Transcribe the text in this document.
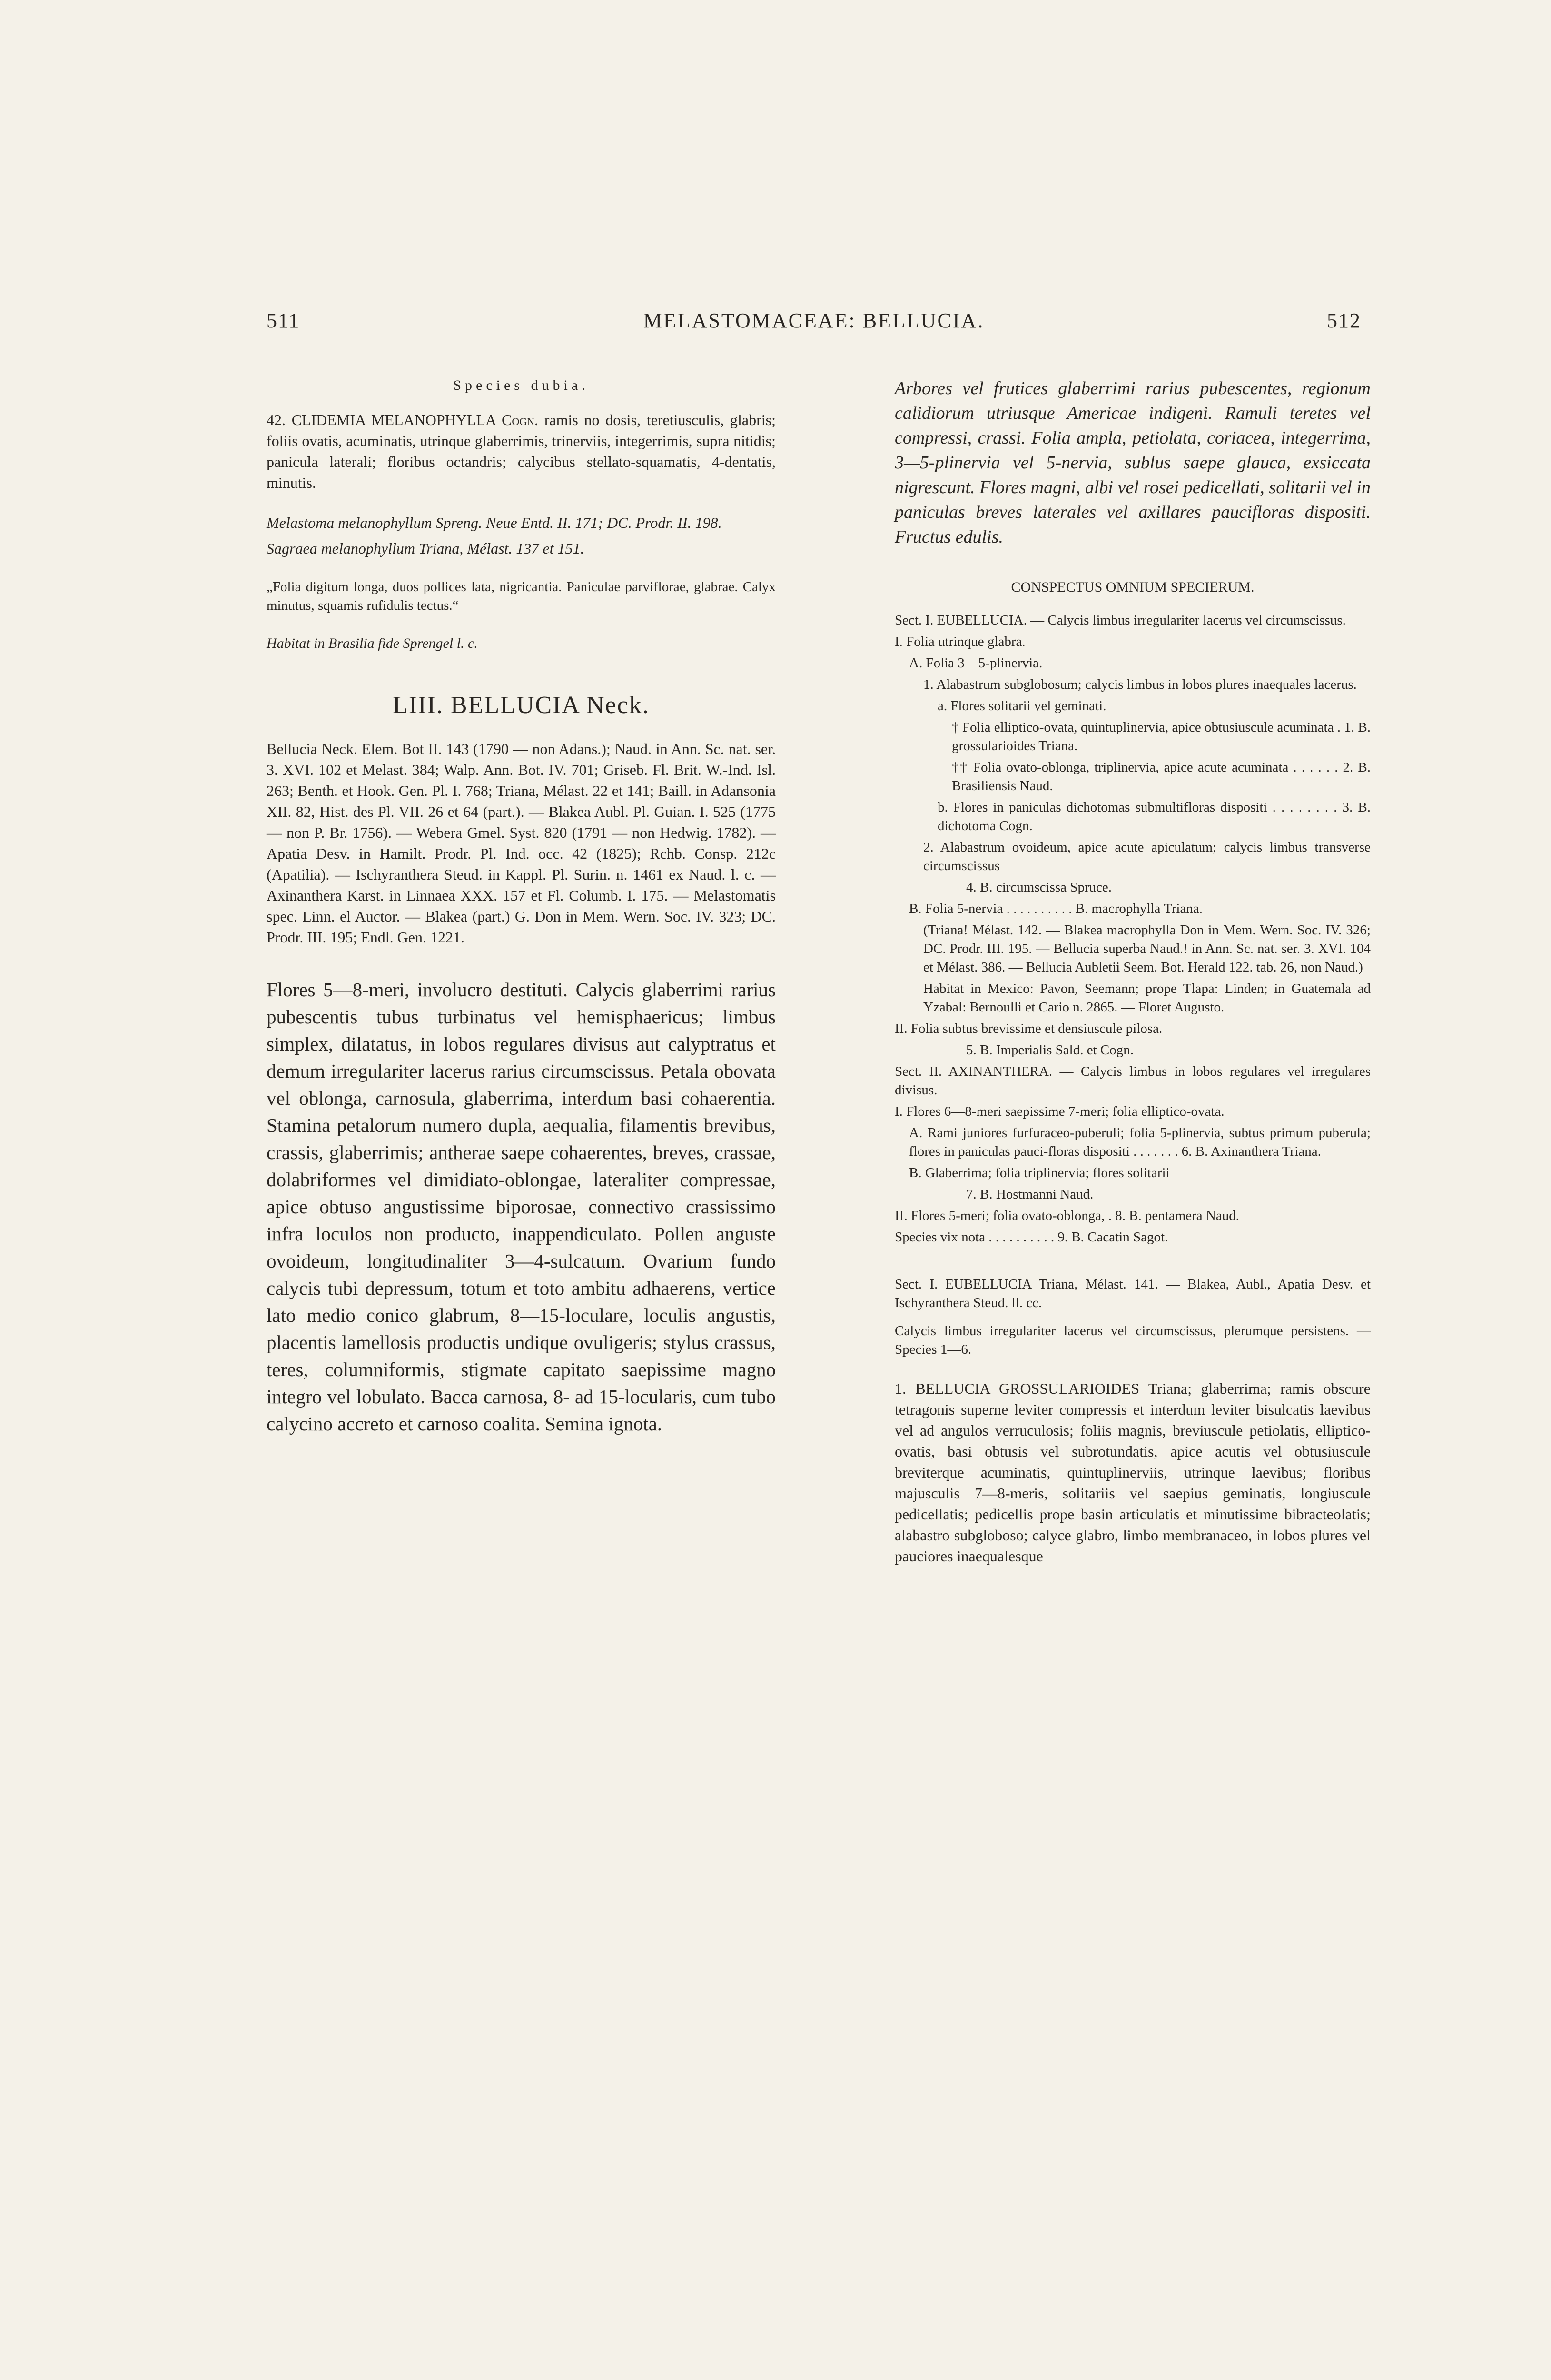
511	MELASTOMACEAE: BELLUCIA.	512

Species dubia.

42. CLIDEMIA MELANOPHYLLA Cogn. ramis no dosis, teretiusculis, glabris; foliis ovatis, acuminatis, utrinque glaberrimis, trinerviis, integerrimis, supra nitidis; panicula laterali; floribus octandris; calycibus stellato-squamatis, 4-dentatis, minutis.

Melastoma melanophyllum Spreng. Neue Entd. II. 171; DC. Prodr. II. 198.

Sagraea melanophyllum Triana, Mélast. 137 et 151.

„Folia digitum longa, duos pollices lata, nigricantia. Paniculae parviflorae, glabrae. Calyx minutus, squamis rufidulis tectus.“

Habitat in Brasilia fide Sprengel l. c.

LIII. BELLUCIA Neck.

Bellucia Neck. Elem. Bot II. 143 (1790 — non Adans.); Naud. in Ann. Sc. nat. ser. 3. XVI. 102 et Melast. 384; Walp. Ann. Bot. IV. 701; Griseb. Fl. Brit. W.-Ind. Isl. 263; Benth. et Hook. Gen. Pl. I. 768; Triana, Mélast. 22 et 141; Baill. in Adansonia XII. 82, Hist. des Pl. VII. 26 et 64 (part.). — Blakea Aubl. Pl. Guian. I. 525 (1775 — non P. Br. 1756). — Webera Gmel. Syst. 820 (1791 — non Hedwig. 1782). — Apatia Desv. in Hamilt. Prodr. Pl. Ind. occ. 42 (1825); Rchb. Consp. 212c (Apatilia). — Ischyranthera Steud. in Kappl. Pl. Surin. n. 1461 ex Naud. l. c. — Axinanthera Karst. in Linnaea XXX. 157 et Fl. Columb. I. 175. — Melastomatis spec. Linn. el Auctor. — Blakea (part.) G. Don in Mem. Wern. Soc. IV. 323; DC. Prodr. III. 195; Endl. Gen. 1221.

Flores 5—8-meri, involucro destituti. Calycis glaberrimi rarius pubescentis tubus turbinatus vel hemisphaericus; limbus simplex, dilatatus, in lobos regulares divisus aut calyptratus et demum irregulariter lacerus rarius circumscissus. Petala obovata vel oblonga, carnosula, glaberrima, interdum basi cohaerentia. Stamina petalorum numero dupla, aequalia, filamentis brevibus, crassis, glaberrimis; antherae saepe cohaerentes, breves, crassae, dolabriformes vel dimidiato-oblongae, lateraliter compressae, apice obtuso angustissime biporosae, connectivo crassissimo infra loculos non producto, inappendiculato. Pollen anguste ovoideum, longitudinaliter 3—4-sulcatum. Ovarium fundo calycis tubi depressum, totum et toto ambitu adhaerens, vertice lato medio conico glabrum, 8—15-loculare, loculis angustis, placentis lamellosis productis undique ovuligeris; stylus crassus, teres, columniformis, stigmate capitato saepissime magno integro vel lobulato. Bacca carnosa, 8- ad 15-locularis, cum tubo calycino accreto et carnoso coalita. Semina ignota.

Arbores vel frutices glaberrimi rarius pubescentes, regionum calidiorum utriusque Americae indigeni. Ramuli teretes vel compressi, crassi. Folia ampla, petiolata, coriacea, integerrima, 3—5-plinervia vel 5-nervia, sublus saepe glauca, exsiccata nigrescunt. Flores magni, albi vel rosei pedicellati, solitarii vel in paniculas breves laterales vel axillares paucifloras dispositi. Fructus edulis.

CONSPECTUS OMNIUM SPECIERUM.

Sect. I. EUBELLUCIA. — Calycis limbus irregulariter lacerus vel circumscissus.

I. Folia utrinque glabra.

A. Folia 3—5-plinervia.

1. Alabastrum subglobosum; calycis limbus in lobos plures inaequales lacerus.

a. Flores solitarii vel geminati.

† Folia elliptico-ovata, quintuplinervia, apice obtusiuscule acuminata . 1. B. grossularioides Triana.

†† Folia ovato-oblonga, triplinervia, apice acute acuminata . . . . . . 2. B. Brasiliensis Naud.

b. Flores in paniculas dichotomas submultifloras dispositi . . . . . . . . 3. B. dichotoma Cogn.

2. Alabastrum ovoideum, apice acute apiculatum; calycis limbus transverse circumscissus

4. B. circumscissa Spruce.

B. Folia 5-nervia . . . . . . . . . . B. macrophylla Triana.

(Triana! Mélast. 142. — Blakea macrophylla Don in Mem. Wern. Soc. IV. 326; DC. Prodr. III. 195. — Bellucia superba Naud.! in Ann. Sc. nat. ser. 3. XVI. 104 et Mélast. 386. — Bellucia Aubletii Seem. Bot. Herald 122. tab. 26, non Naud.)

Habitat in Mexico: Pavon, Seemann; prope Tlapa: Linden; in Guatemala ad Yzabal: Bernoulli et Cario n. 2865. — Floret Augusto.

II. Folia subtus brevissime et densiuscule pilosa.

5. B. Imperialis Sald. et Cogn.

Sect. II. AXINANTHERA. — Calycis limbus in lobos regulares vel irregulares divisus.

I. Flores 6—8-meri saepissime 7-meri; folia elliptico-ovata.

A. Rami juniores furfuraceo-puberuli; folia 5-plinervia, subtus primum puberula; flores in paniculas pauci-floras dispositi . . . . . . . 6. B. Axinanthera Triana.

B. Glaberrima; folia triplinervia; flores solitarii

7. B. Hostmanni Naud.

II. Flores 5-meri; folia ovato-oblonga, . 8. B. pentamera Naud.

Species vix nota . . . . . . . . . . 9. B. Cacatin Sagot.

Sect. I. EUBELLUCIA Triana, Mélast. 141. — Blakea, Aubl., Apatia Desv. et Ischyranthera Steud. ll. cc.

Calycis limbus irregulariter lacerus vel circumscissus, plerumque persistens. — Species 1—6.

1. BELLUCIA GROSSULARIOIDES Triana; glaberrima; ramis obscure tetragonis superne leviter compressis et interdum leviter bisulcatis laevibus vel ad angulos verruculosis; foliis magnis, breviuscule petiolatis, elliptico-ovatis, basi obtusis vel subrotundatis, apice acutis vel obtusiuscule breviterque acuminatis, quintuplinerviis, utrinque laevibus; floribus majusculis 7—8-meris, solitariis vel saepius geminatis, longiuscule pedicellatis; pedicellis prope basin articulatis et minutissime bibracteolatis; alabastro subgloboso; calyce glabro, limbo membranaceo, in lobos plures vel pauciores inaequalesque
